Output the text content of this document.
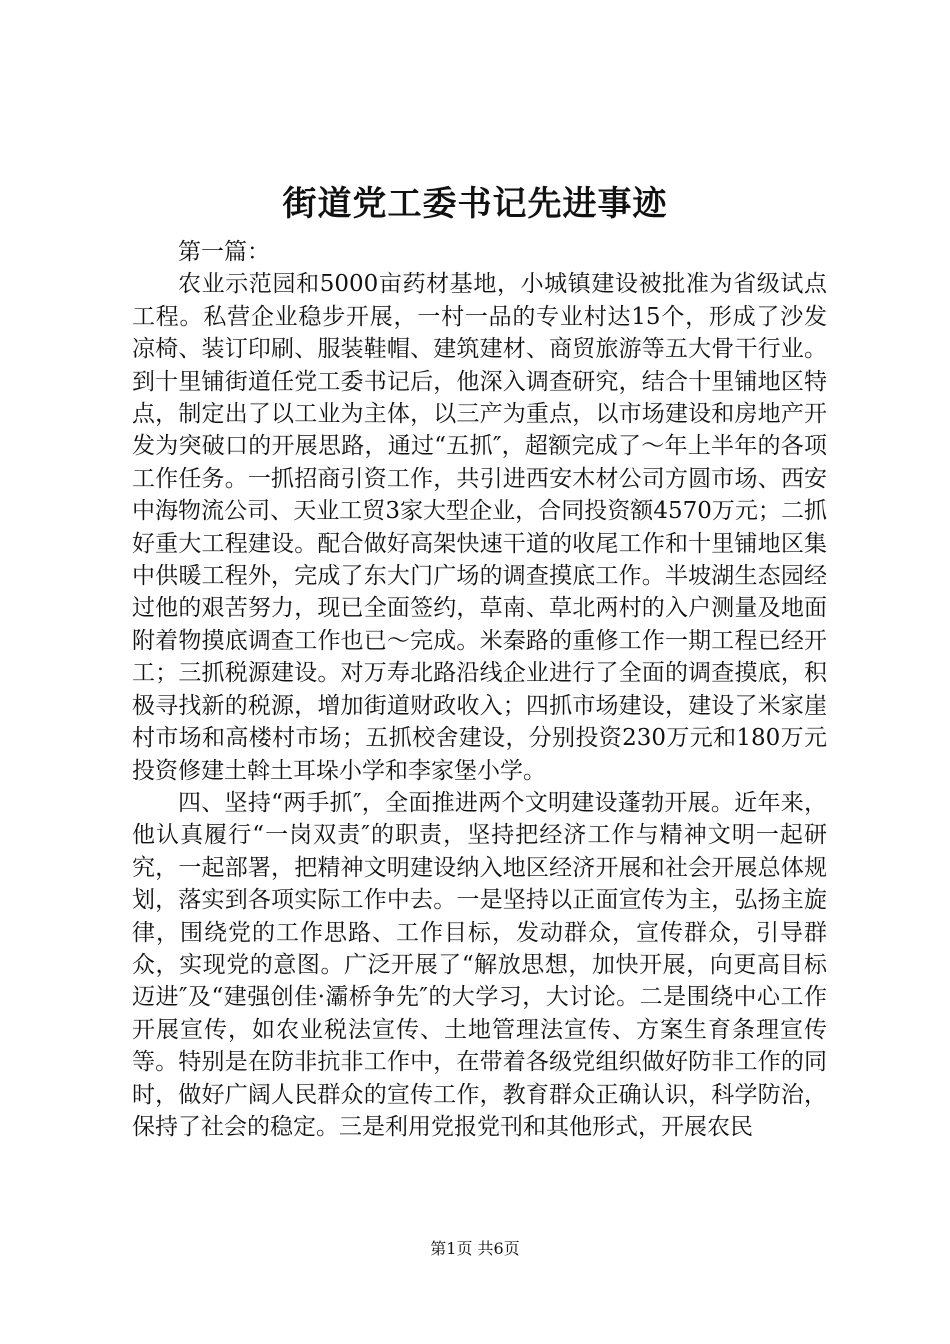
街道党工委书记先进事迹

第一篇：

农业示范园和5000亩药材基地，小城镇建设被批准为省级试点工程。私营企业稳步开展，一村一品的专业村达15个，形成了沙发凉椅、装订印刷、服装鞋帽、建筑建材、商贸旅游等五大骨干行业。到十里铺街道任党工委书记后，他深入调查研究，结合十里铺地区特点，制定出了以工业为主体，以三产为重点，以市场建设和房地产开发为突破口的开展思路，通过“五抓″，超额完成了～年上半年的各项工作任务。一抓招商引资工作，共引进西安木材公司方圆市场、西安中海物流公司、天业工贸3家大型企业，合同投资额4570万元；二抓好重大工程建设。配合做好高架快速干道的收尾工作和十里铺地区集中供暖工程外，完成了东大门广场的调查摸底工作。半坡湖生态园经过他的艰苦努力，现已全面签约，草南、草北两村的入户测量及地面附着物摸底调查工作也已～完成。米秦路的重修工作一期工程已经开工；三抓税源建设。对万寿北路沿线企业进行了全面的调查摸底，积极寻找新的税源，增加街道财政收入；四抓市场建设，建设了米家崖村市场和高楼村市场；五抓校舍建设，分别投资230万元和180万元投资修建土斡土耳垛小学和李家堡小学。

四、坚持“两手抓″，全面推进两个文明建设蓬勃开展。近年来，他认真履行“一岗双责″的职责，坚持把经济工作与精神文明一起研究，一起部署，把精神文明建设纳入地区经济开展和社会开展总体规划，落实到各项实际工作中去。一是坚持以正面宣传为主，弘扬主旋律，围绕党的工作思路、工作目标，发动群众，宣传群众，引导群众，实现党的意图。广泛开展了“解放思想，加快开展，向更高目标迈进″及“建强创佳·灞桥争先″的大学习，大讨论。二是围绕中心工作开展宣传，如农业税法宣传、土地管理法宣传、方案生育条理宣传等。特别是在防非抗非工作中，在带着各级党组织做好防非工作的同时，做好广阔人民群众的宣传工作，教育群众正确认识，科学防治，保持了社会的稳定。三是利用党报党刊和其他形式，开展农民

第1页 共6页
